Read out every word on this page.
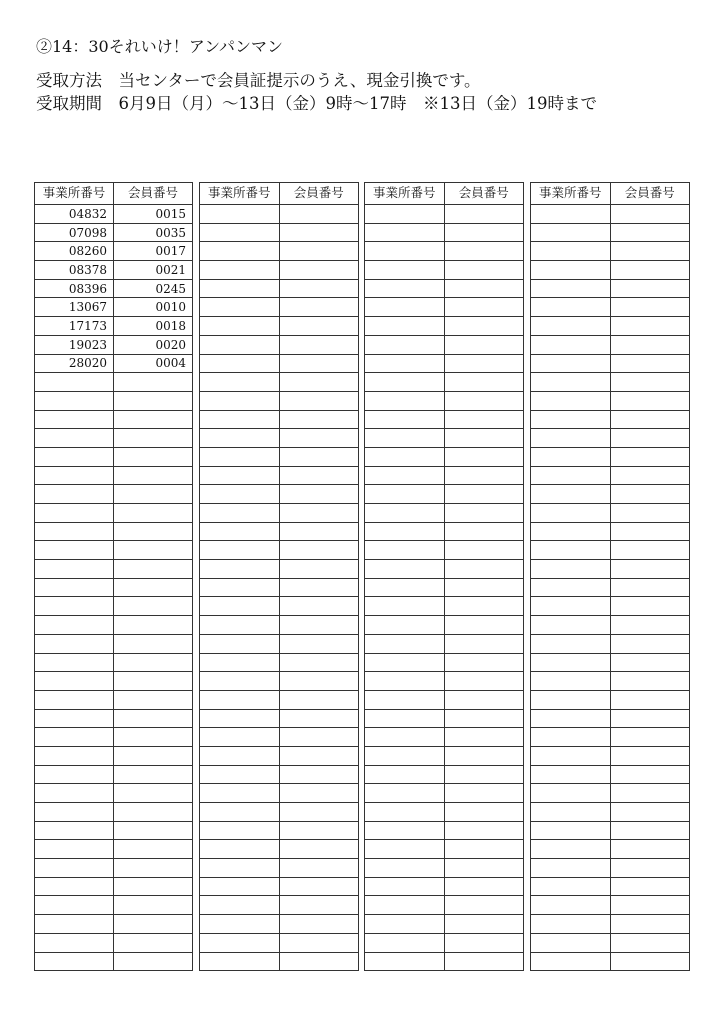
②14：30それいけ！アンパンマン
受取方法　当センターで会員証提示のうえ、現金引換です。
受取期間　6月9日（月）～13日（金）9時～17時　※13日（金）19時まで
事業所番号	会員番号
04832	0015
07098	0035
08260	0017
08378	0021
08396	0245
13067	0010
17173	0018
19023	0020
28020	0004

事業所番号	会員番号

	事業所番号	会員番号

	事業所番号	会員番号
